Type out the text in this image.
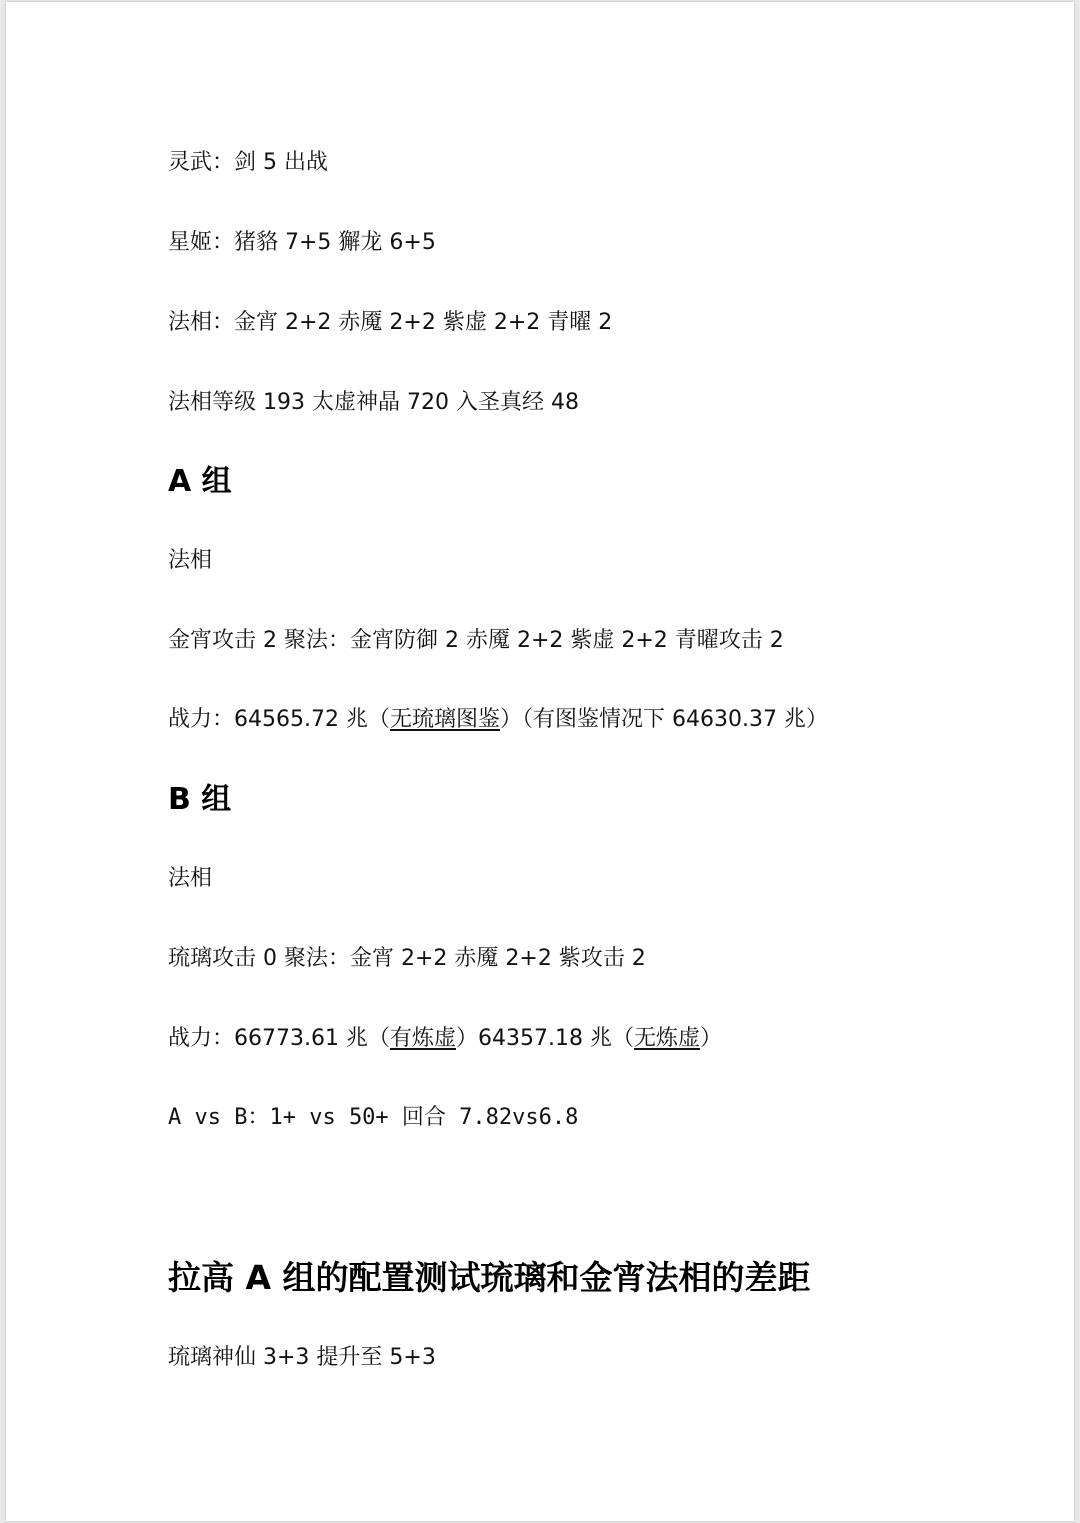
灵武：剑 5 出战
星姬：猪貉 7+5 獬龙 6+5
法相：金宵 2+2 赤魇 2+2 紫虚 2+2 青曜 2
法相等级 193 太虚神晶 720 入圣真经 48
A 组
法相
金宵攻击 2 聚法：金宵防御 2 赤魇 2+2 紫虚 2+2 青曜攻击 2
战力：64565.72 兆（无琉璃图鉴）（有图鉴情况下 64630.37 兆）
B 组
法相
琉璃攻击 0 聚法：金宵 2+2 赤魇 2+2 紫攻击 2
战力：66773.61 兆（有炼虚）64357.18 兆（无炼虚）
A vs B：1+ vs 50+ 回合 7.82vs6.8
拉高 A 组的配置测试琉璃和金宵法相的差距
琉璃神仙 3+3 提升至 5+3
